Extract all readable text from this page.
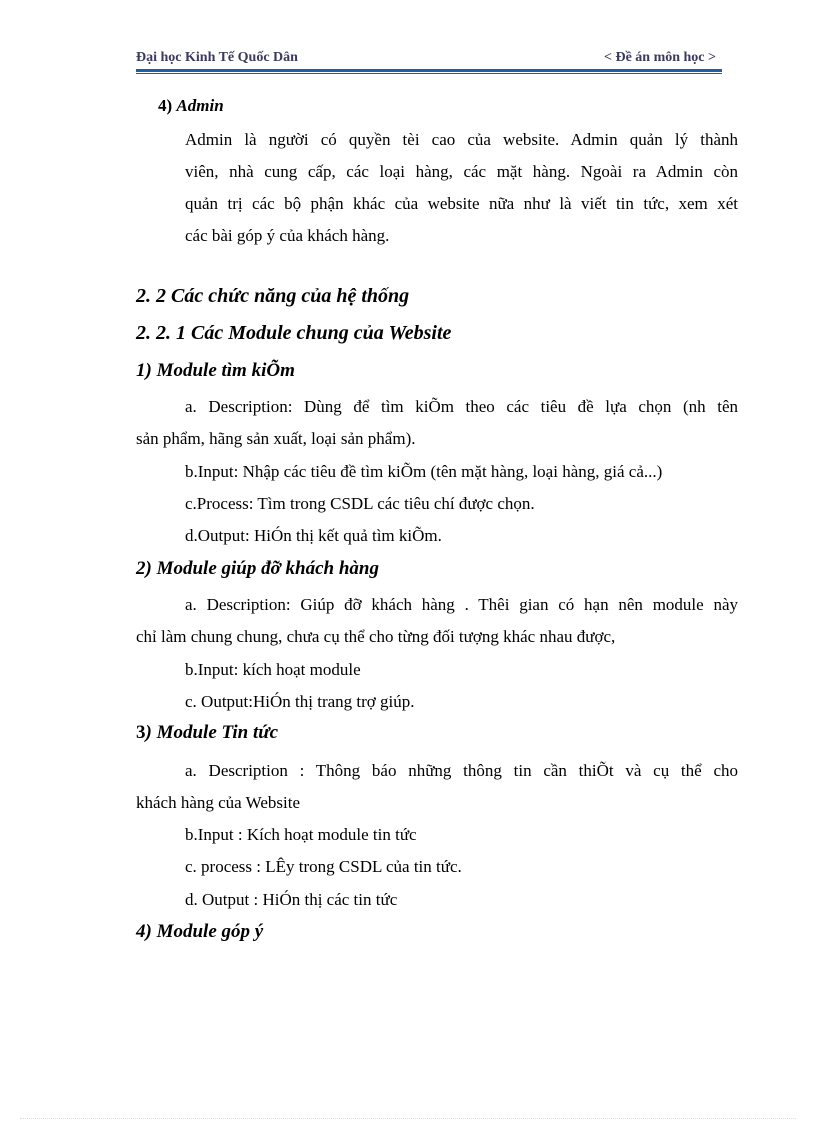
Đại học Kinh Tế Quốc Dân	< Đề án môn học >
4) Admin
Admin là người có quyền tèi cao của website. Admin quản lý thành
viên, nhà cung cấp, các loại hàng, các mặt hàng. Ngoài ra Admin còn
quản trị các bộ phận khác của website nữa như là viết tin tức, xem xét
các bài góp ý của khách hàng.
2. 2 Các chức năng của hệ thống
2. 2. 1 Các Module chung của Website
1) Module tìm kiÕm
a. Description: Dùng để tìm kiÕm theo các tiêu đề lựa chọn (nh tên
sản phẩm, hãng sản xuất, loại sản phẩm).
b.Input: Nhập các tiêu đề tìm kiÕm (tên mặt hàng, loại hàng, giá cả...)
c.Process: Tìm trong CSDL các tiêu chí được chọn.
d.Output: HiÓn thị kết quả tìm kiÕm.
2) Module giúp đỡ khách hàng
a. Description: Giúp đỡ khách hàng . Thêi gian có hạn nên module này
chỉ làm chung chung, chưa cụ thể cho từng đối tượng khác nhau được,
b.Input: kích hoạt module
c. Output:HiÓn thị trang trợ giúp.
3) Module Tin tức
a. Description : Thông báo những thông tin cần thiÕt và cụ thể cho
khách hàng của Website
b.Input : Kích hoạt module tin tức
c. process : LÊy trong CSDL của tin tức.
d. Output : HiÓn thị các tin tức
4) Module góp ý
